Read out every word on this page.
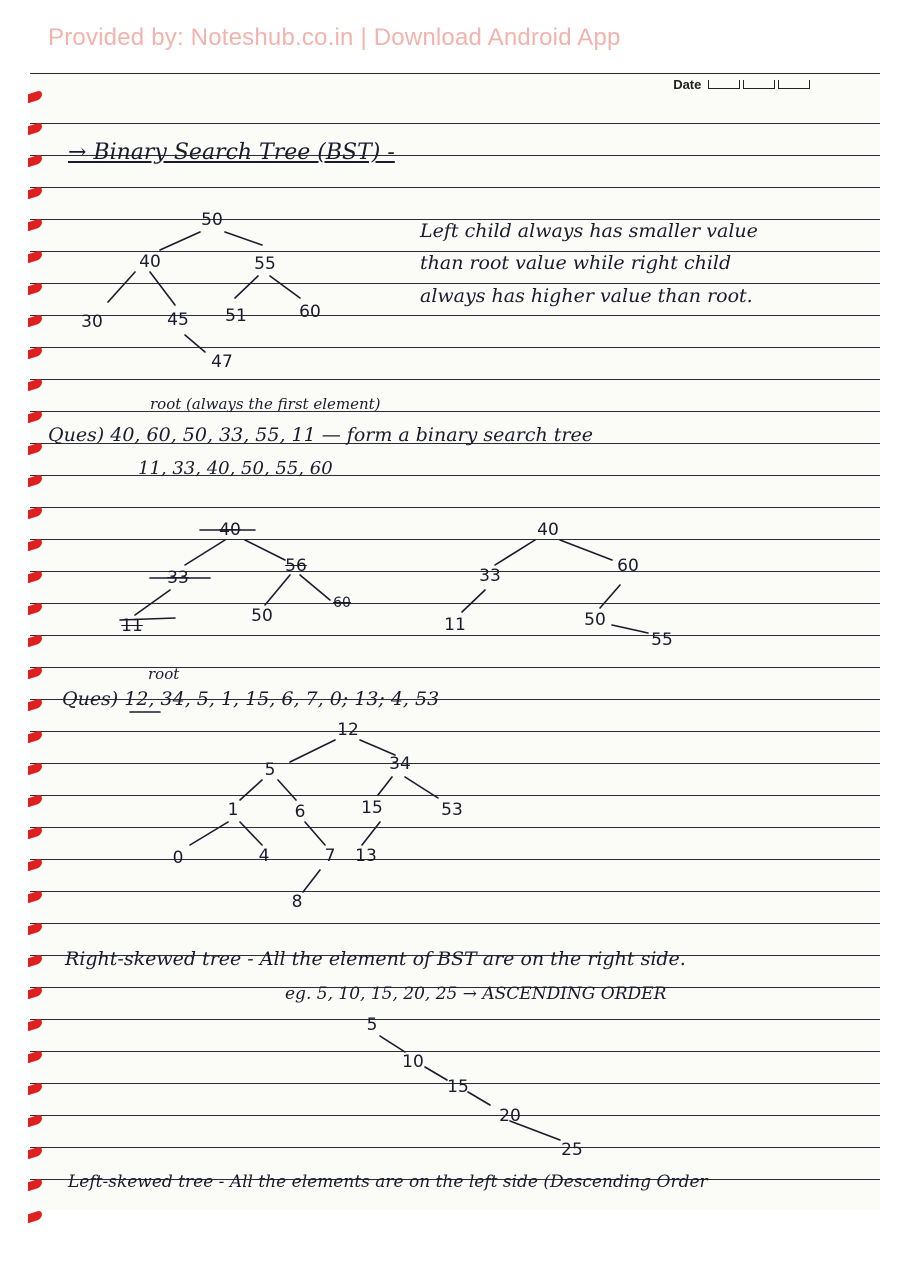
Provided by: Noteshub.co.in | Download Android App
Date
→ Binary Search Tree (BST) -
Left child always has smaller value
than root value while right child
always has higher value than root.
50
40	55
30	45 51	60
47
root (always the first element)
Ques) 40, 60, 50, 33, 55, 11 — form a binary search tree
11, 33, 40, 50, 55, 60
40
33
56
60
11	50
40
33	60
11	50
55
root
Ques) 12, 34, 5, 1, 15, 6, 7, 0; 13; 4, 53
12
5	34
1	6	15	53
0	4	7 13
8
Right-skewed tree - All the element of BST are on the right side.
eg. 5, 10, 15, 20, 25 → ASCENDING ORDER
5
10
15
20
25
Left-skewed tree - All the elements are on the left side (Descending Order
